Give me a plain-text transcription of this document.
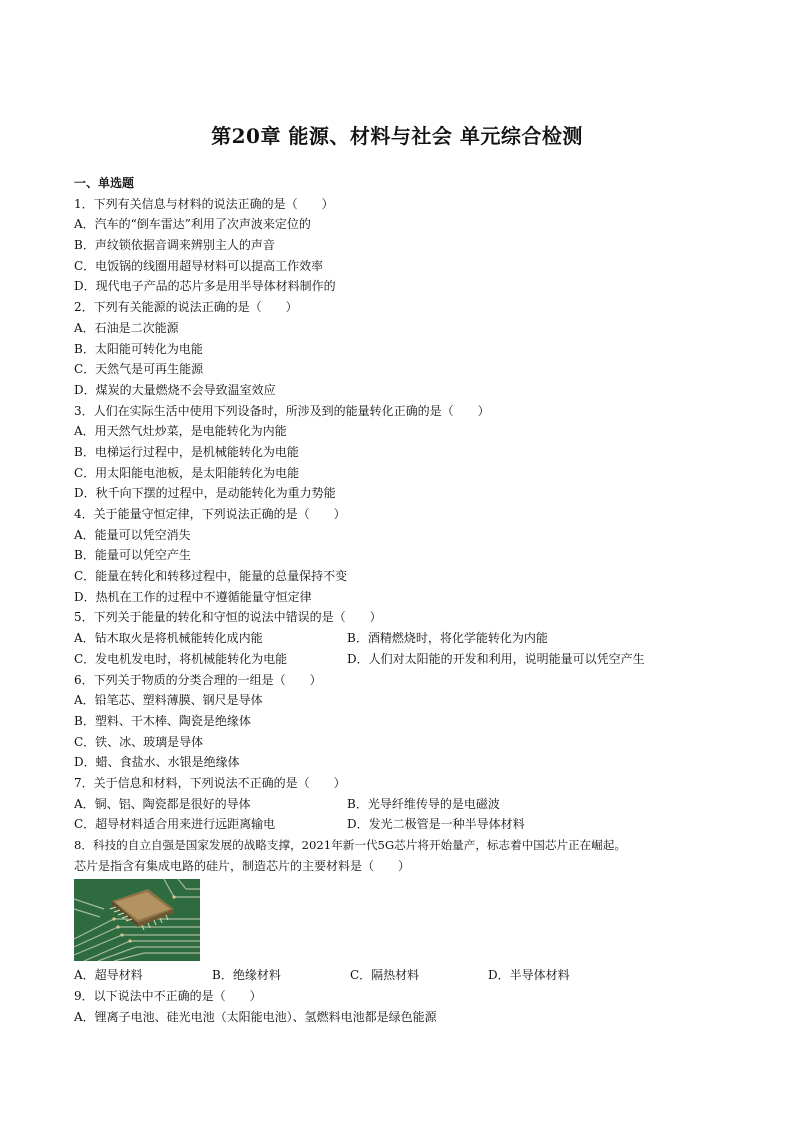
第20章 能源、材料与社会 单元综合检测
一、单选题
1．下列有关信息与材料的说法正确的是（　　）
A．汽车的“倒车雷达”利用了次声波来定位的
B．声纹锁依据音调来辨别主人的声音
C．电饭锅的线圈用超导材料可以提高工作效率
D．现代电子产品的芯片多是用半导体材料制作的
2．下列有关能源的说法正确的是（　　）
A．石油是二次能源
B．太阳能可转化为电能
C．天然气是可再生能源
D．煤炭的大量燃烧不会导致温室效应
3．人们在实际生活中使用下列设备时，所涉及到的能量转化正确的是（　　）
A．用天然气灶炒菜，是电能转化为内能
B．电梯运行过程中，是机械能转化为电能
C．用太阳能电池板，是太阳能转化为电能
D．秋千向下摆的过程中，是动能转化为重力势能
4．关于能量守恒定律，下列说法正确的是（　　）
A．能量可以凭空消失
B．能量可以凭空产生
C．能量在转化和转移过程中，能量的总量保持不变
D．热机在工作的过程中不遵循能量守恒定律
5．下列关于能量的转化和守恒的说法中错误的是（　　）
A．钻木取火是将机械能转化成内能	B．酒精燃烧时，将化学能转化为内能
C．发电机发电时，将机械能转化为电能	D．人们对太阳能的开发和利用，说明能量可以凭空产生
6．下列关于物质的分类合理的一组是（　　）
A．铅笔芯、塑料薄膜、钢尺是导体
B．塑料、干木棒、陶瓷是绝缘体
C．铁、冰、玻璃是导体
D．蜡、食盐水、水银是绝缘体
7．关于信息和材料，下列说法不正确的是（　　）
A．铜、铝、陶瓷都是很好的导体	B．光导纤维传导的是电磁波
C．超导材料适合用来进行远距离输电	D．发光二极管是一种半导体材料
8．科技的自立自强是国家发展的战略支撑，2021年新一代5G芯片将开始量产，标志着中国芯片正在崛起。
芯片是指含有集成电路的硅片，制造芯片的主要材料是（　　）
A．超导材料	B．绝缘材料	C．隔热材料	D．半导体材料
9．以下说法中不正确的是（　　）
A．锂离子电池、硅光电池（太阳能电池）、氢燃料电池都是绿色能源
